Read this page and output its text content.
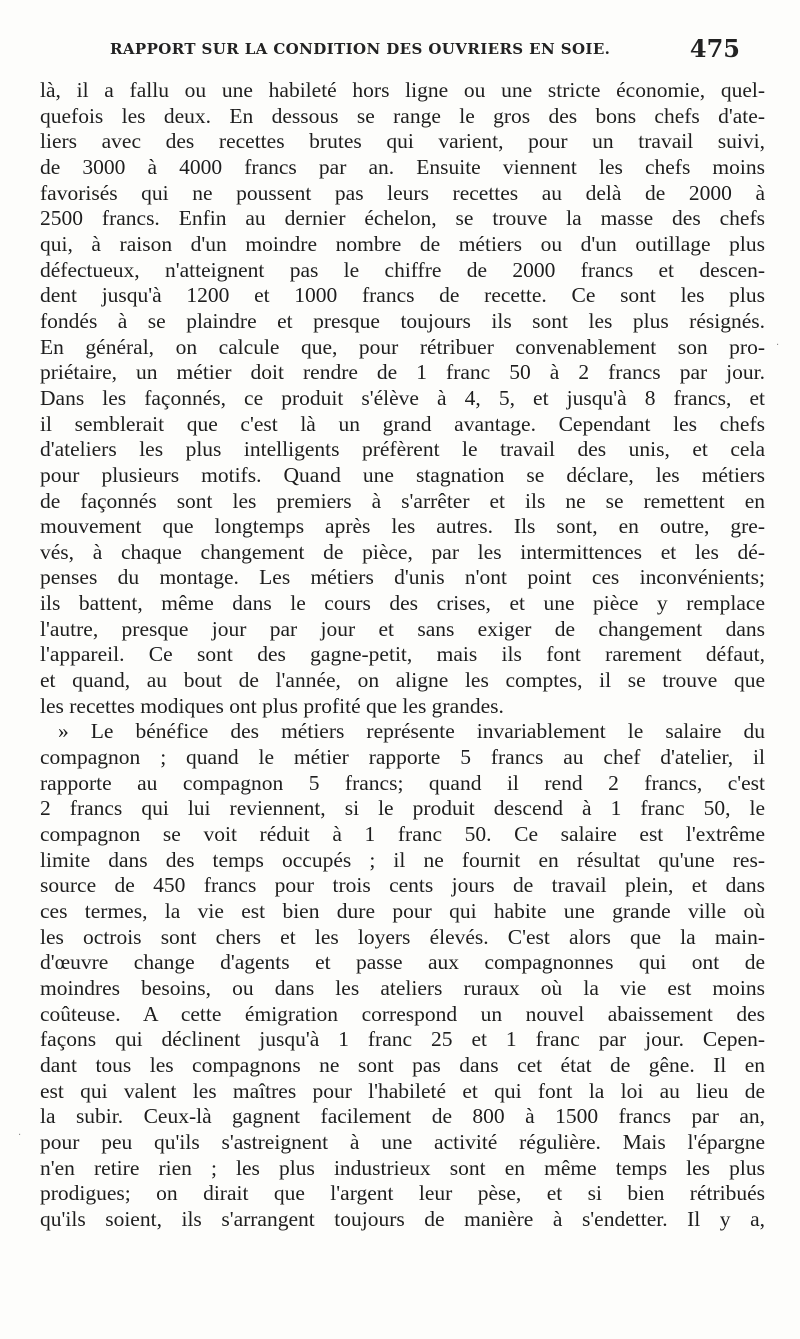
RAPPORT SUR LA CONDITION DES OUVRIERS EN SOIE.	475
là, il a fallu ou une habileté hors ligne ou une stricte économie, quel-
quefois les deux. En dessous se range le gros des bons chefs d'ate-
liers avec des recettes brutes qui varient, pour un travail suivi,
de 3000 à 4000 francs par an. Ensuite viennent les chefs moins
favorisés qui ne poussent pas leurs recettes au delà de 2000 à
2500 francs. Enfin au dernier échelon, se trouve la masse des chefs
qui, à raison d'un moindre nombre de métiers ou d'un outillage plus
défectueux, n'atteignent pas le chiffre de 2000 francs et descen-
dent jusqu'à 1200 et 1000 francs de recette. Ce sont les plus
fondés à se plaindre et presque toujours ils sont les plus résignés.
En général, on calcule que, pour rétribuer convenablement son pro-
priétaire, un métier doit rendre de 1 franc 50 à 2 francs par jour.
Dans les façonnés, ce produit s'élève à 4, 5, et jusqu'à 8 francs, et
il semblerait que c'est là un grand avantage. Cependant les chefs
d'ateliers les plus intelligents préfèrent le travail des unis, et cela
pour plusieurs motifs. Quand une stagnation se déclare, les métiers
de façonnés sont les premiers à s'arrêter et ils ne se remettent en
mouvement que longtemps après les autres. Ils sont, en outre, gre-
vés, à chaque changement de pièce, par les intermittences et les dé-
penses du montage. Les métiers d'unis n'ont point ces inconvénients;
ils battent, même dans le cours des crises, et une pièce y remplace
l'autre, presque jour par jour et sans exiger de changement dans
l'appareil. Ce sont des gagne-petit, mais ils font rarement défaut,
et quand, au bout de l'année, on aligne les comptes, il se trouve que
les recettes modiques ont plus profité que les grandes.
» Le bénéfice des métiers représente invariablement le salaire du
compagnon ; quand le métier rapporte 5 francs au chef d'atelier, il
rapporte au compagnon 5 francs; quand il rend 2 francs, c'est
2 francs qui lui reviennent, si le produit descend à 1 franc 50, le
compagnon se voit réduit à 1 franc 50. Ce salaire est l'extrême
limite dans des temps occupés ; il ne fournit en résultat qu'une res-
source de 450 francs pour trois cents jours de travail plein, et dans
ces termes, la vie est bien dure pour qui habite une grande ville où
les octrois sont chers et les loyers élevés. C'est alors que la main-
d'œuvre change d'agents et passe aux compagnonnes qui ont de
moindres besoins, ou dans les ateliers ruraux où la vie est moins
coûteuse. A cette émigration correspond un nouvel abaissement des
façons qui déclinent jusqu'à 1 franc 25 et 1 franc par jour. Cepen-
dant tous les compagnons ne sont pas dans cet état de gêne. Il en
est qui valent les maîtres pour l'habileté et qui font la loi au lieu de
la subir. Ceux-là gagnent facilement de 800 à 1500 francs par an,
pour peu qu'ils s'astreignent à une activité régulière. Mais l'épargne
n'en retire rien ; les plus industrieux sont en même temps les plus
prodigues; on dirait que l'argent leur pèse, et si bien rétribués
qu'ils soient, ils s'arrangent toujours de manière à s'endetter. Il y a,
·
·
